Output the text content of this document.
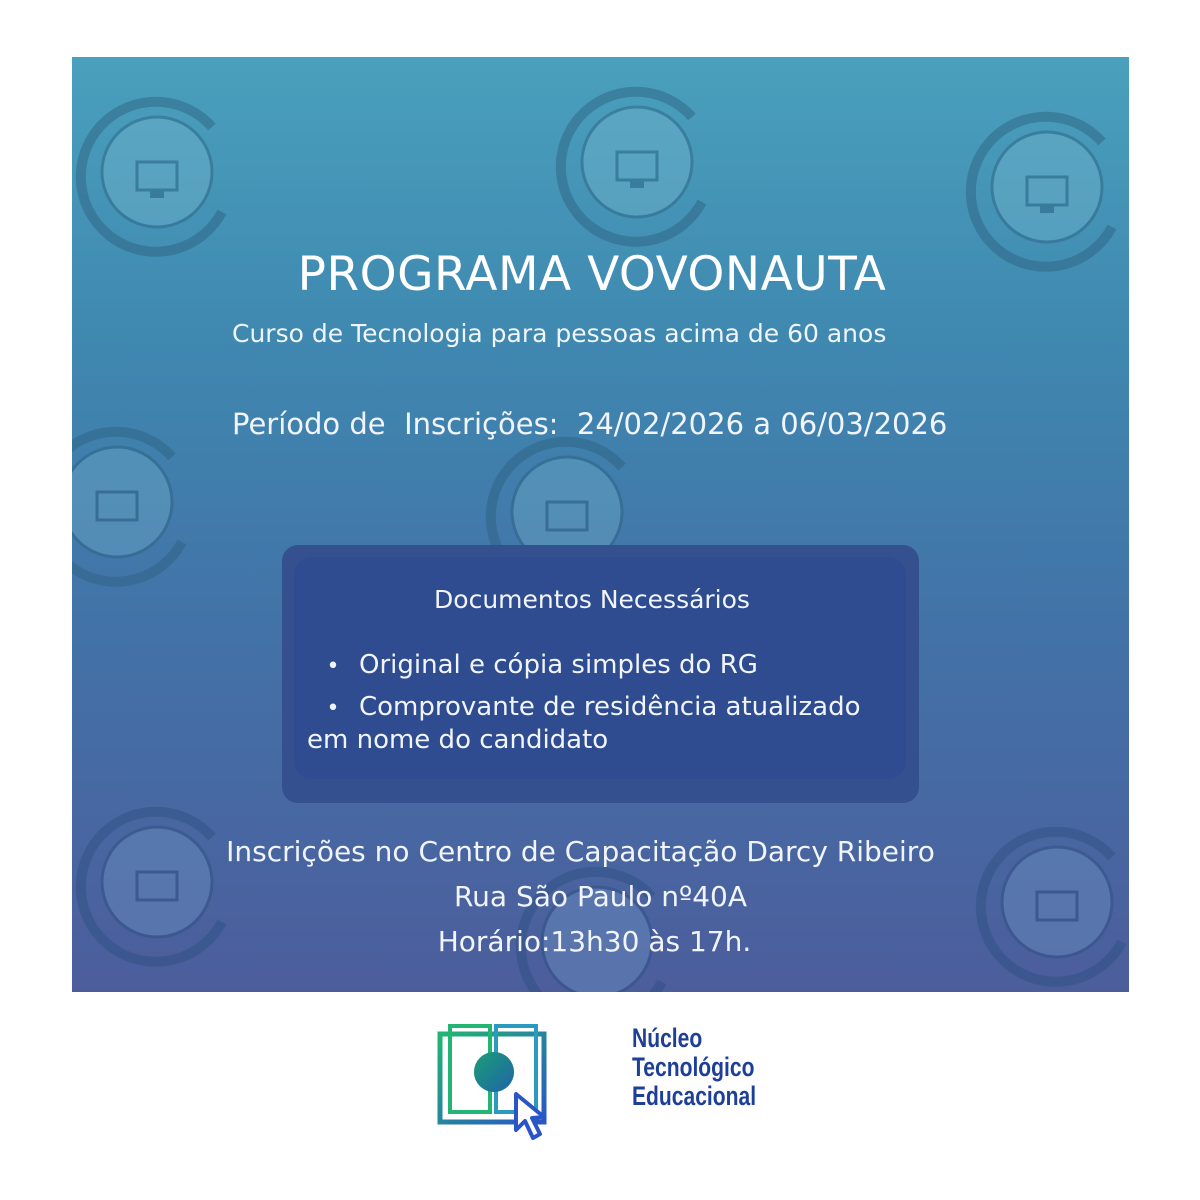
PROGRAMA VOVONAUTA
Curso de Tecnologia para pessoas acima de 60 anos
Período de  Inscrições:  24/02/2026 a 06/03/2026
Documentos Necessários
• Original e cópia simples do RG
• Comprovante de residência atualizado
em nome do candidato
Inscrições no Centro de Capacitação Darcy Ribeiro
Rua São Paulo nº40A
Horário:13h30 às 17h.
Núcleo
Tecnológico
Educacional
